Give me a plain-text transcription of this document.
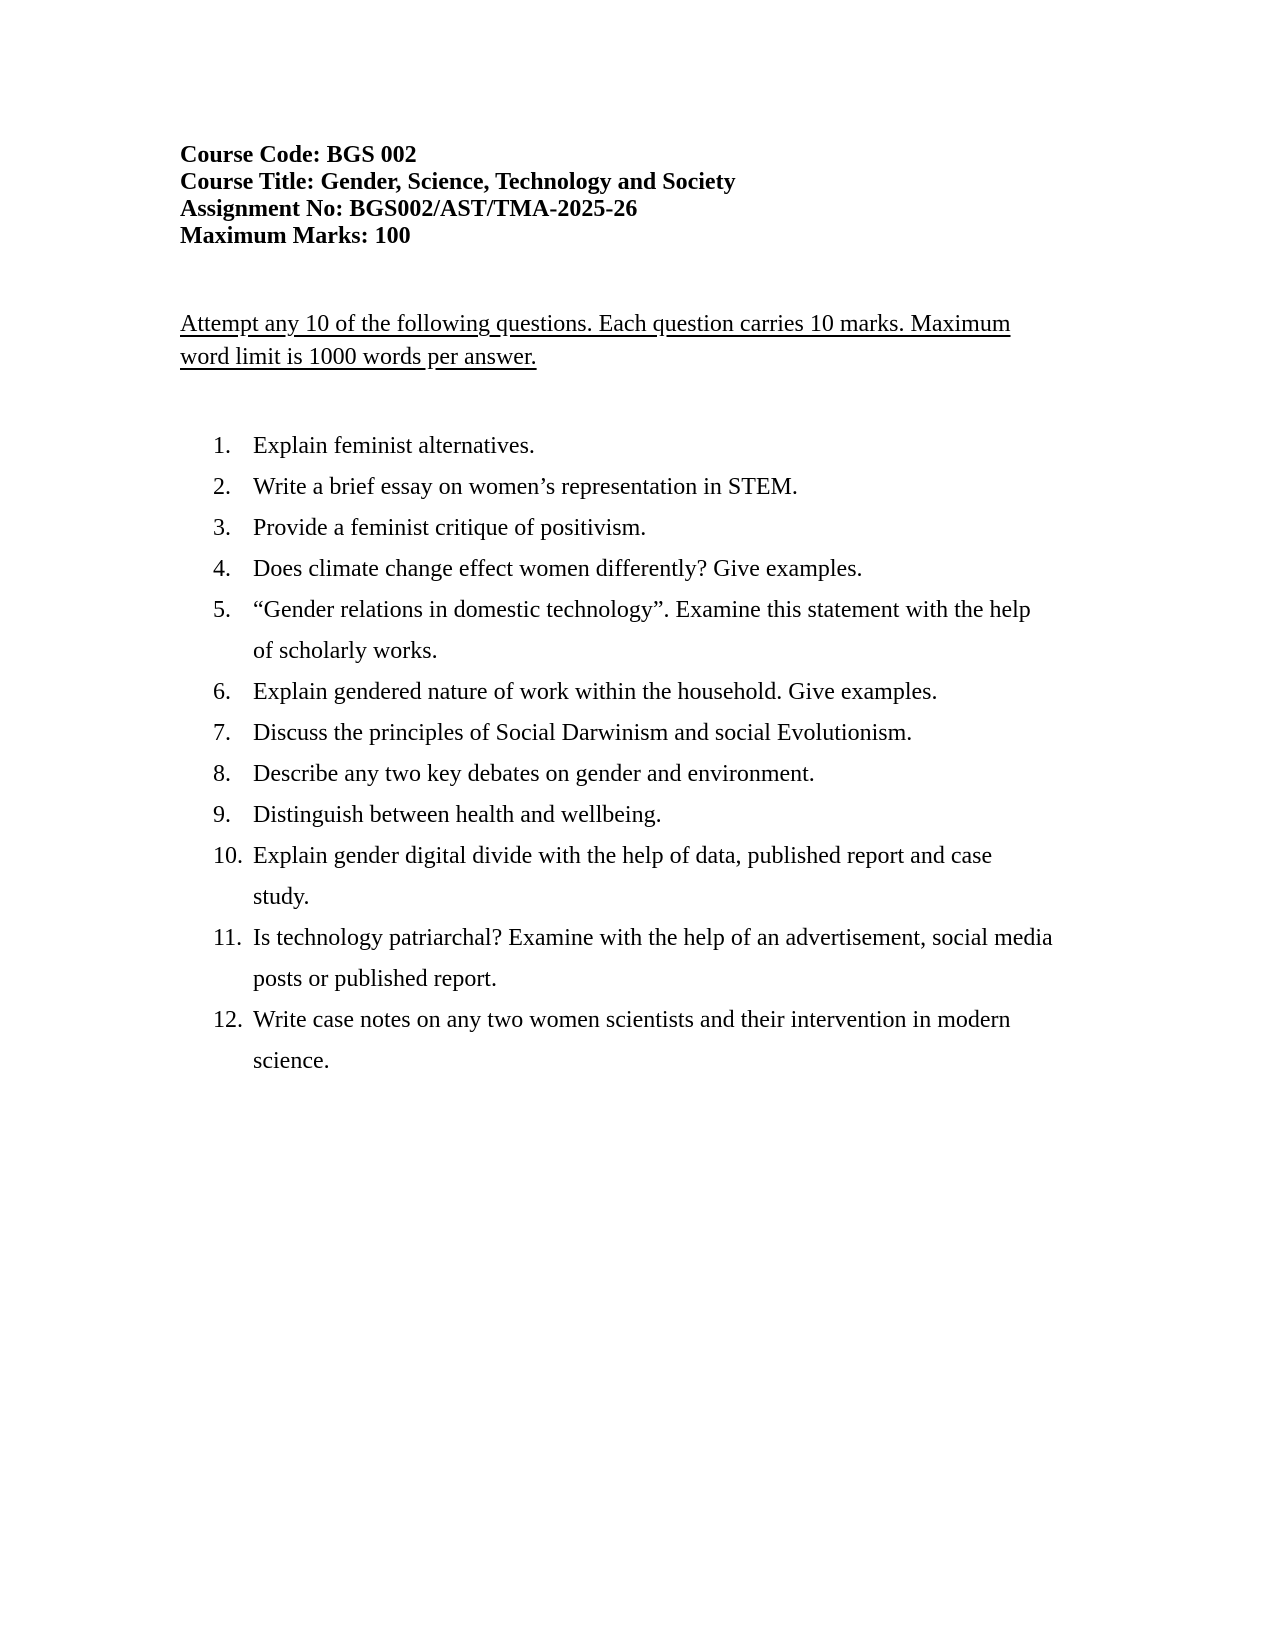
Course Code: BGS 002
Course Title: Gender, Science, Technology and Society
Assignment No: BGS002/AST/TMA-2025-26
Maximum Marks: 100
Attempt any 10 of the following questions. Each question carries 10 marks. Maximum
word limit is 1000 words per answer.
1. Explain feminist alternatives.
2. Write a brief essay on women’s representation in STEM.
3. Provide a feminist critique of positivism.
4. Does climate change effect women differently? Give examples.
5. “Gender relations in domestic technology”. Examine this statement with the help of scholarly works.
6. Explain gendered nature of work within the household. Give examples.
7. Discuss the principles of Social Darwinism and social Evolutionism.
8. Describe any two key debates on gender and environment.
9. Distinguish between health and wellbeing.
10. Explain gender digital divide with the help of data, published report and case study.
11. Is technology patriarchal? Examine with the help of an advertisement, social media posts or published report.
12. Write case notes on any two women scientists and their intervention in modern science.
